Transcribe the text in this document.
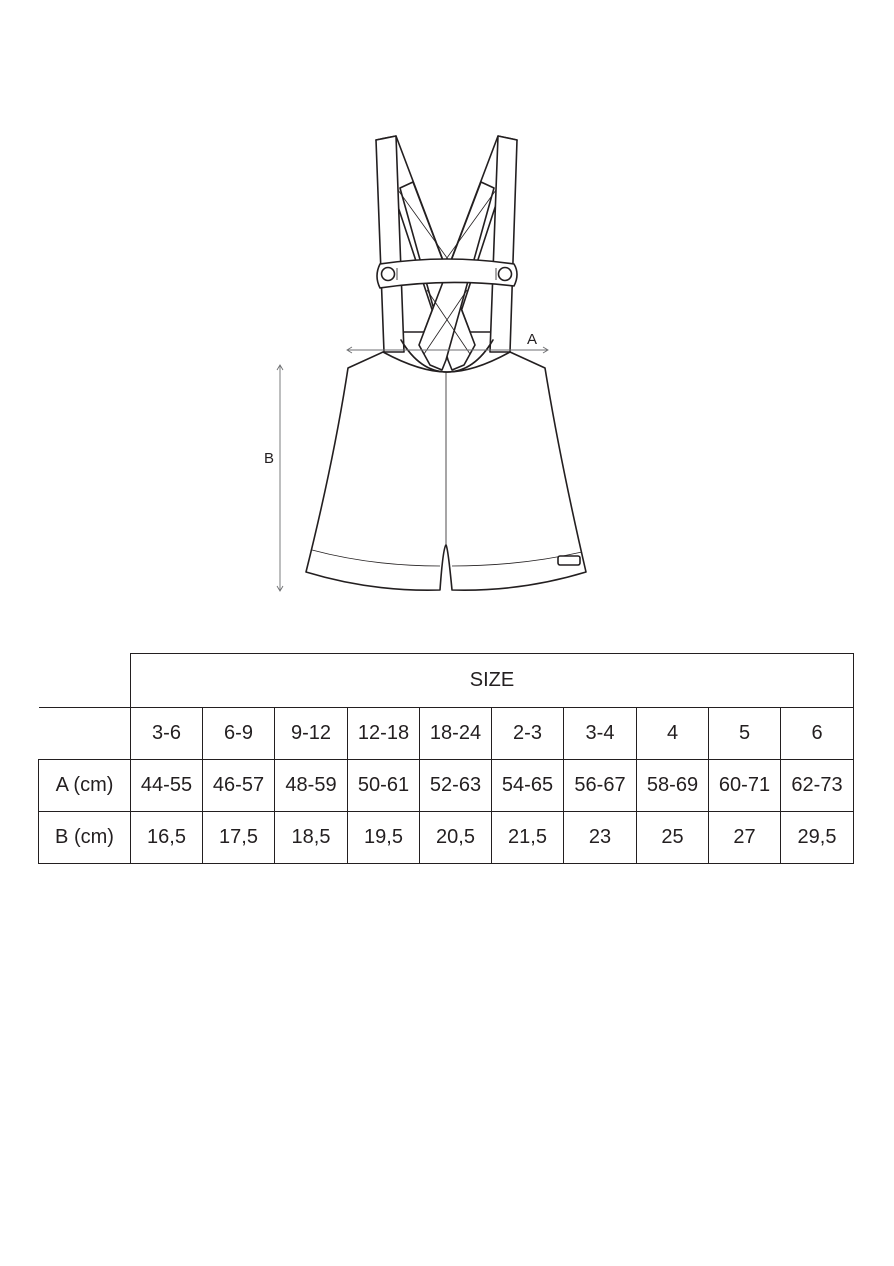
A
B
	SIZE									
	3-6	6-9	9-12	12-18	18-24	2-3	3-4	4	5	6
A (cm)	44-55	46-57	48-59	50-61	52-63	54-65	56-67	58-69	60-71	62-73
B (cm)	16,5	17,5	18,5	19,5	20,5	21,5	23	25	27	29,5
